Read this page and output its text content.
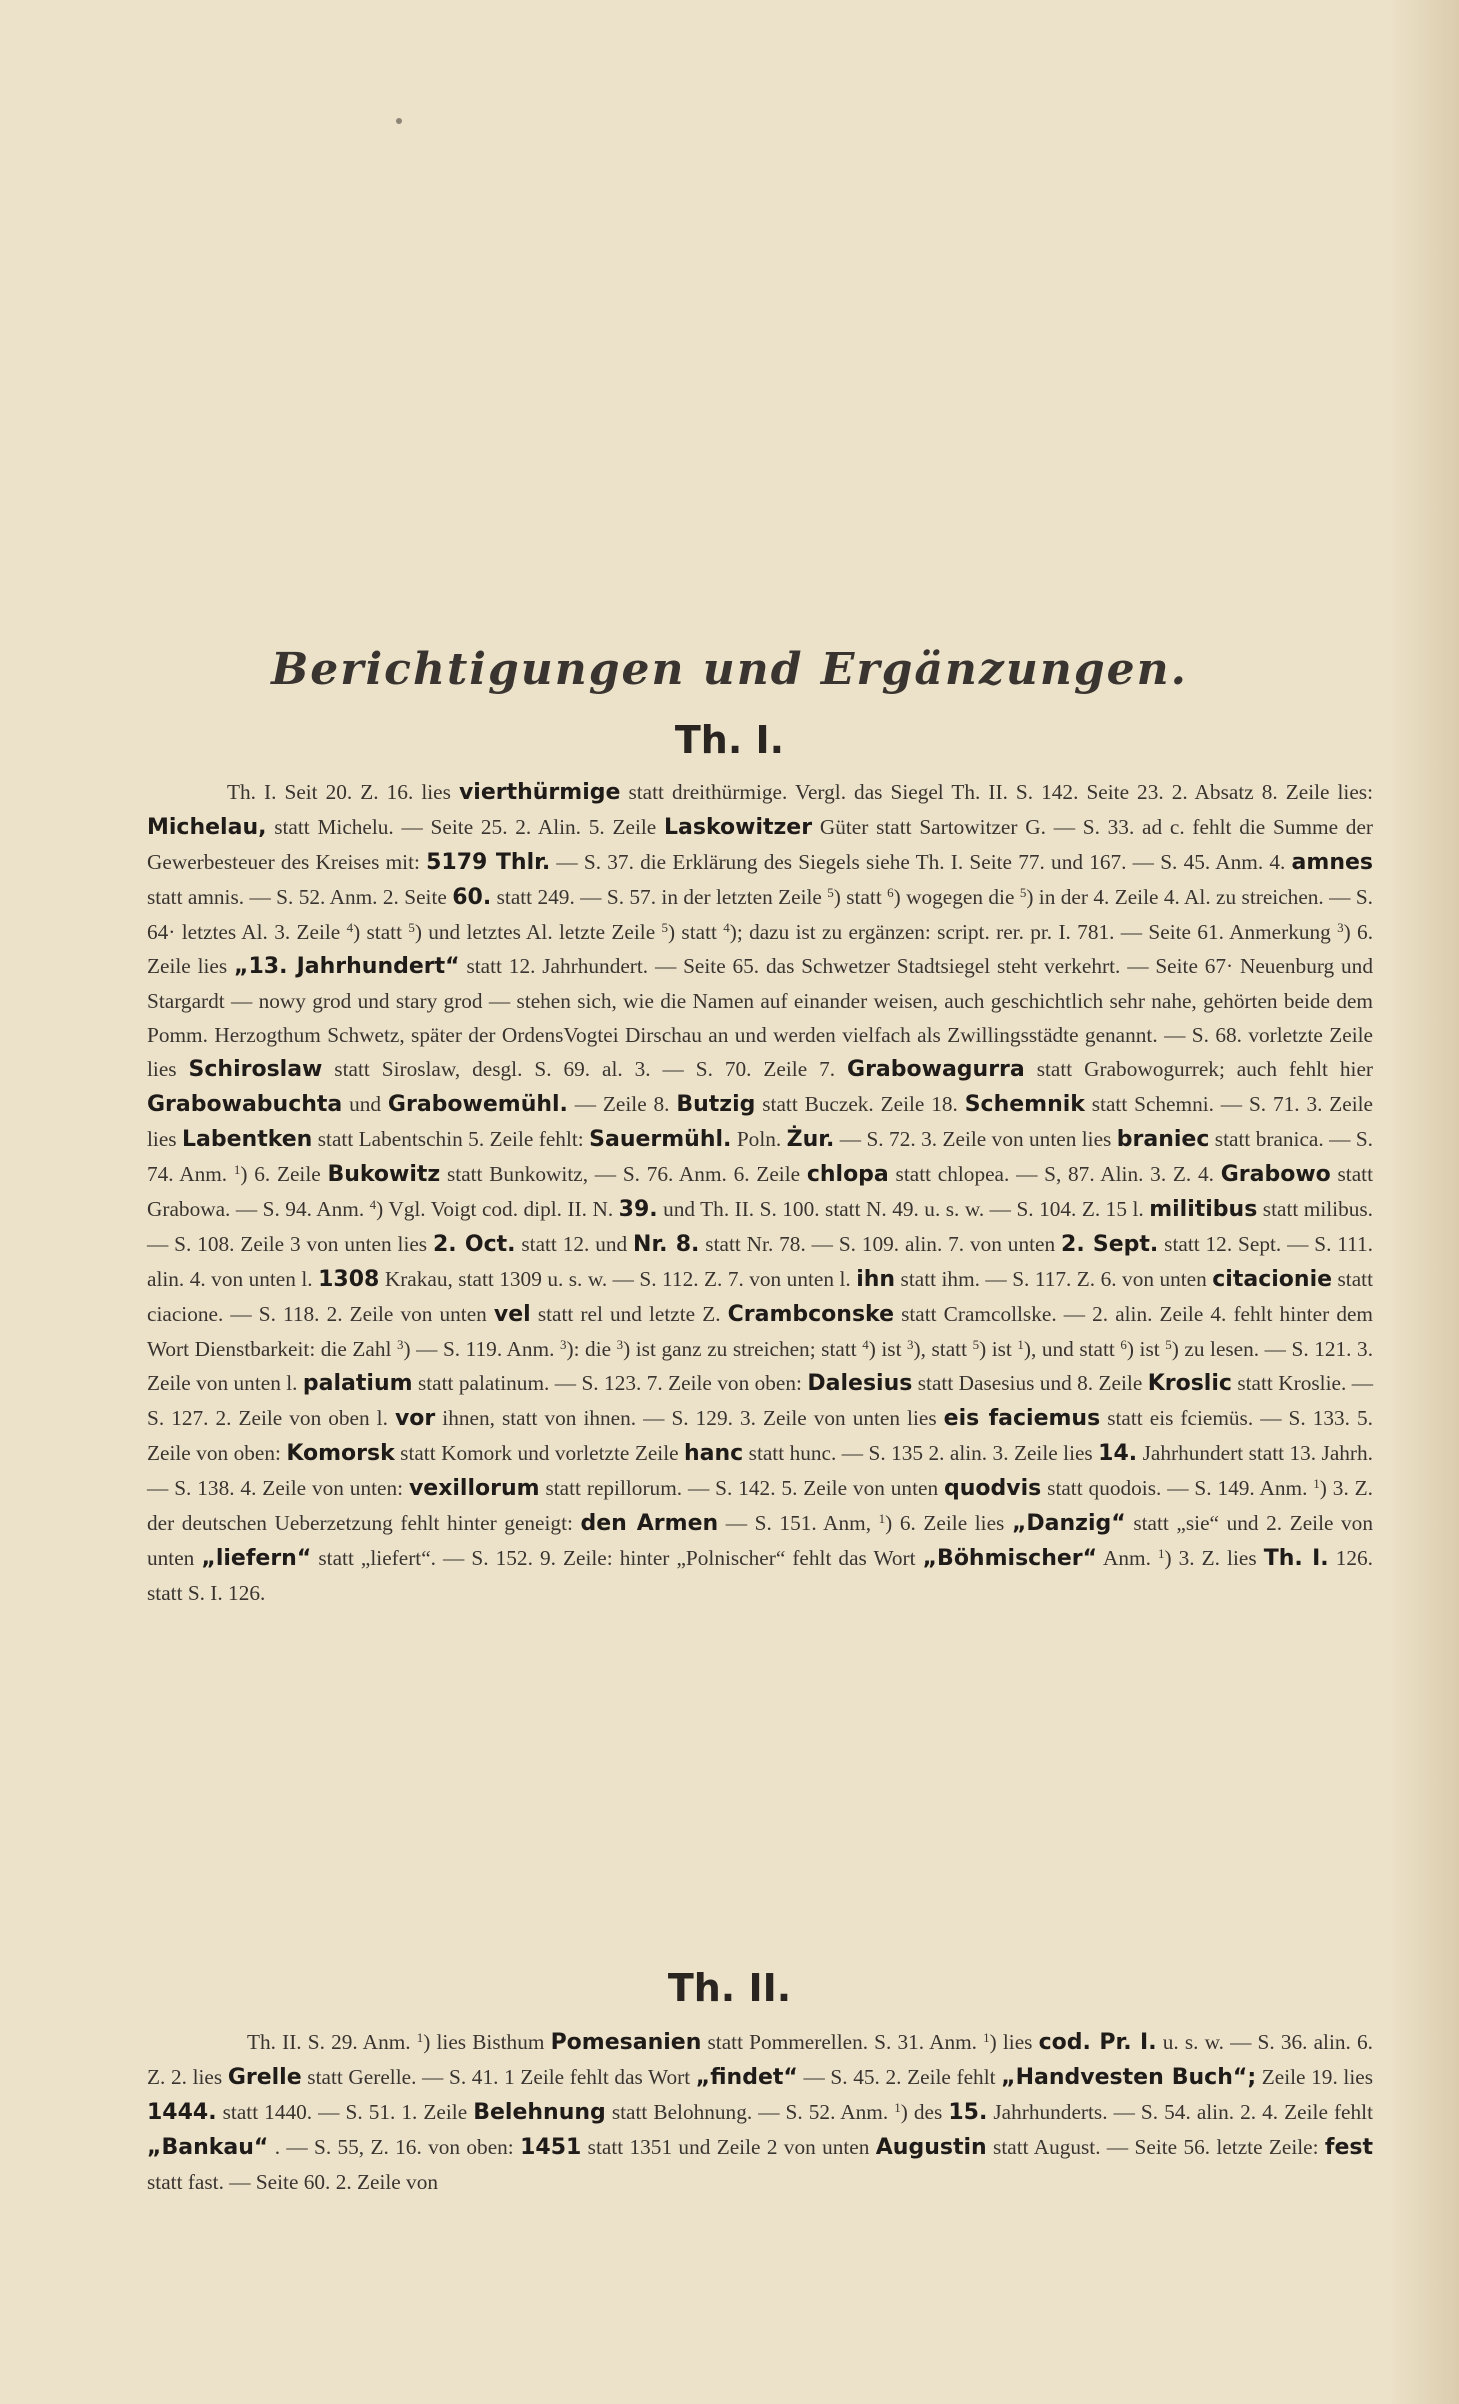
Berichtigungen und Ergänzungen.
Th. I.

Th. I. Seit 20. Z. 16. lies vierthürmige statt dreithürmige. Vergl. das Siegel Th. II. S. 142. Seite 23. 2. Absatz 8. Zeile lies: Michelau, statt Michelu. — Seite 25. 2. Alin. 5. Zeile Laskowitzer Güter statt Sartowitzer G. — S. 33. ad c. fehlt die Summe der Gewerbesteuer des Kreises mit: 5179 Thlr. — S. 37. die Erklärung des Siegels siehe Th. I. Seite 77. und 167. — S. 45. Anm. 4. amnes statt amnis. — S. 52. Anm. 2. Seite 60. statt 249. — S. 57. in der letzten Zeile $^5$) statt $^6$) wogegen die $^5$) in der 4. Zeile 4. Al. zu streichen. — S. 64· letztes Al. 3. Zeile $^4$) statt $^5$) und letztes Al. letzte Zeile $^5$) statt $^4$); dazu ist zu ergänzen: script. rer. pr. I. 781. — Seite 61. Anmerkung $^3$) 6. Zeile lies „13. Jahrhundert“ statt 12. Jahrhundert. — Seite 65. das Schwetzer Stadtsiegel steht verkehrt. — Seite 67· Neuenburg und Stargardt — nowy grod und stary grod — stehen sich, wie die Namen auf einander weisen, auch geschichtlich sehr nahe, gehörten beide dem Pomm. Herzogthum Schwetz, später der OrdensVogtei Dirschau an und werden vielfach als Zwillingsstädte genannt. — S. 68. vorletzte Zeile lies Schiroslaw statt Siroslaw, desgl. S. 69. al. 3. — S. 70. Zeile 7. Grabowagurra statt Grabowogurrek; auch fehlt hier Grabowabuchta und Grabowemühl. — Zeile 8. Butzig statt Buczek. Zeile 18. Schemnik statt Schemni. — S. 71. 3. Zeile lies Labentken statt Labentschin 5. Zeile fehlt: Sauermühl. Poln. Żur. — S. 72. 3. Zeile von unten lies braniec statt branica. — S. 74. Anm. $^1$) 6. Zeile Bukowitz statt Bunkowitz, — S. 76. Anm. 6. Zeile chlopa statt chlopea. — S, 87. Alin. 3. Z. 4. Grabowo statt Grabowa. — S. 94. Anm. $^4$) Vgl. Voigt cod. dipl. II. N. 39. und Th. II. S. 100. statt N. 49. u. s. w. — S. 104. Z. 15 l. militibus statt milibus. — S. 108. Zeile 3 von unten lies 2. Oct. statt 12. und Nr. 8. statt Nr. 78. — S. 109. alin. 7. von unten 2. Sept. statt 12. Sept. — S. 111. alin. 4. von unten l. 1308 Krakau, statt 1309 u. s. w. — S. 112. Z. 7. von unten l. ihn statt ihm. — S. 117. Z. 6. von unten citacionie statt ciacione. — S. 118. 2. Zeile von unten vel statt rel und letzte Z. Crambconske statt Cramcollske. — 2. alin. Zeile 4. fehlt hinter dem Wort Dienstbarkeit: die Zahl $^3$) — S. 119. Anm. $^3$): die $^3$) ist ganz zu streichen; statt $^4$) ist $^3$), statt $^5$) ist $^1$), und statt $^6$) ist $^5$) zu lesen. — S. 121. 3. Zeile von unten l. palatium statt palatinum. — S. 123. 7. Zeile von oben: Dalesius statt Dasesius und 8. Zeile Kroslic statt Kroslie. — S. 127. 2. Zeile von oben l. vor ihnen, statt von ihnen. — S. 129. 3. Zeile von unten lies eis faciemus statt eis fciemüs. — S. 133. 5. Zeile von oben: Komorsk statt Komork und vorletzte Zeile hanc statt hunc. — S. 135 2. alin. 3. Zeile lies 14. Jahrhundert statt 13. Jahrh. — S. 138. 4. Zeile von unten: vexillorum statt repillorum. — S. 142. 5. Zeile von unten quodvis statt quodois. — S. 149. Anm. $^1$) 3. Z. der deutschen Ueberzetzung fehlt hinter geneigt: den Armen — S. 151. Anm, $^1$) 6. Zeile lies „Danzig“ statt „sie“ und 2. Zeile von unten „liefern“ statt „liefert“. — S. 152. 9. Zeile: hinter „Polnischer“ fehlt das Wort „Böhmischer“ Anm. $^1$) 3. Z. lies Th. I. 126. statt S. I. 126.

Th. II.

Th. II. S. 29. Anm. $^1$) lies Bisthum Pomesanien statt Pommerellen. S. 31. Anm. $^1$) lies cod. Pr. I. u. s. w. — S. 36. alin. 6. Z. 2. lies Grelle statt Gerelle. — S. 41. 1 Zeile fehlt das Wort „findet“ — S. 45. 2. Zeile fehlt „Handvesten Buch“; Zeile 19. lies 1444. statt 1440. — S. 51. 1. Zeile Belehnung statt Belohnung. — S. 52. Anm. $^1$) des 15. Jahrhunderts. — S. 54. alin. 2. 4. Zeile fehlt „Bankau“ . — S. 55, Z. 16. von oben: 1451 statt 1351 und Zeile 2 von unten Augustin statt August. — Seite 56. letzte Zeile: fest statt fast. — Seite 60. 2. Zeile von
